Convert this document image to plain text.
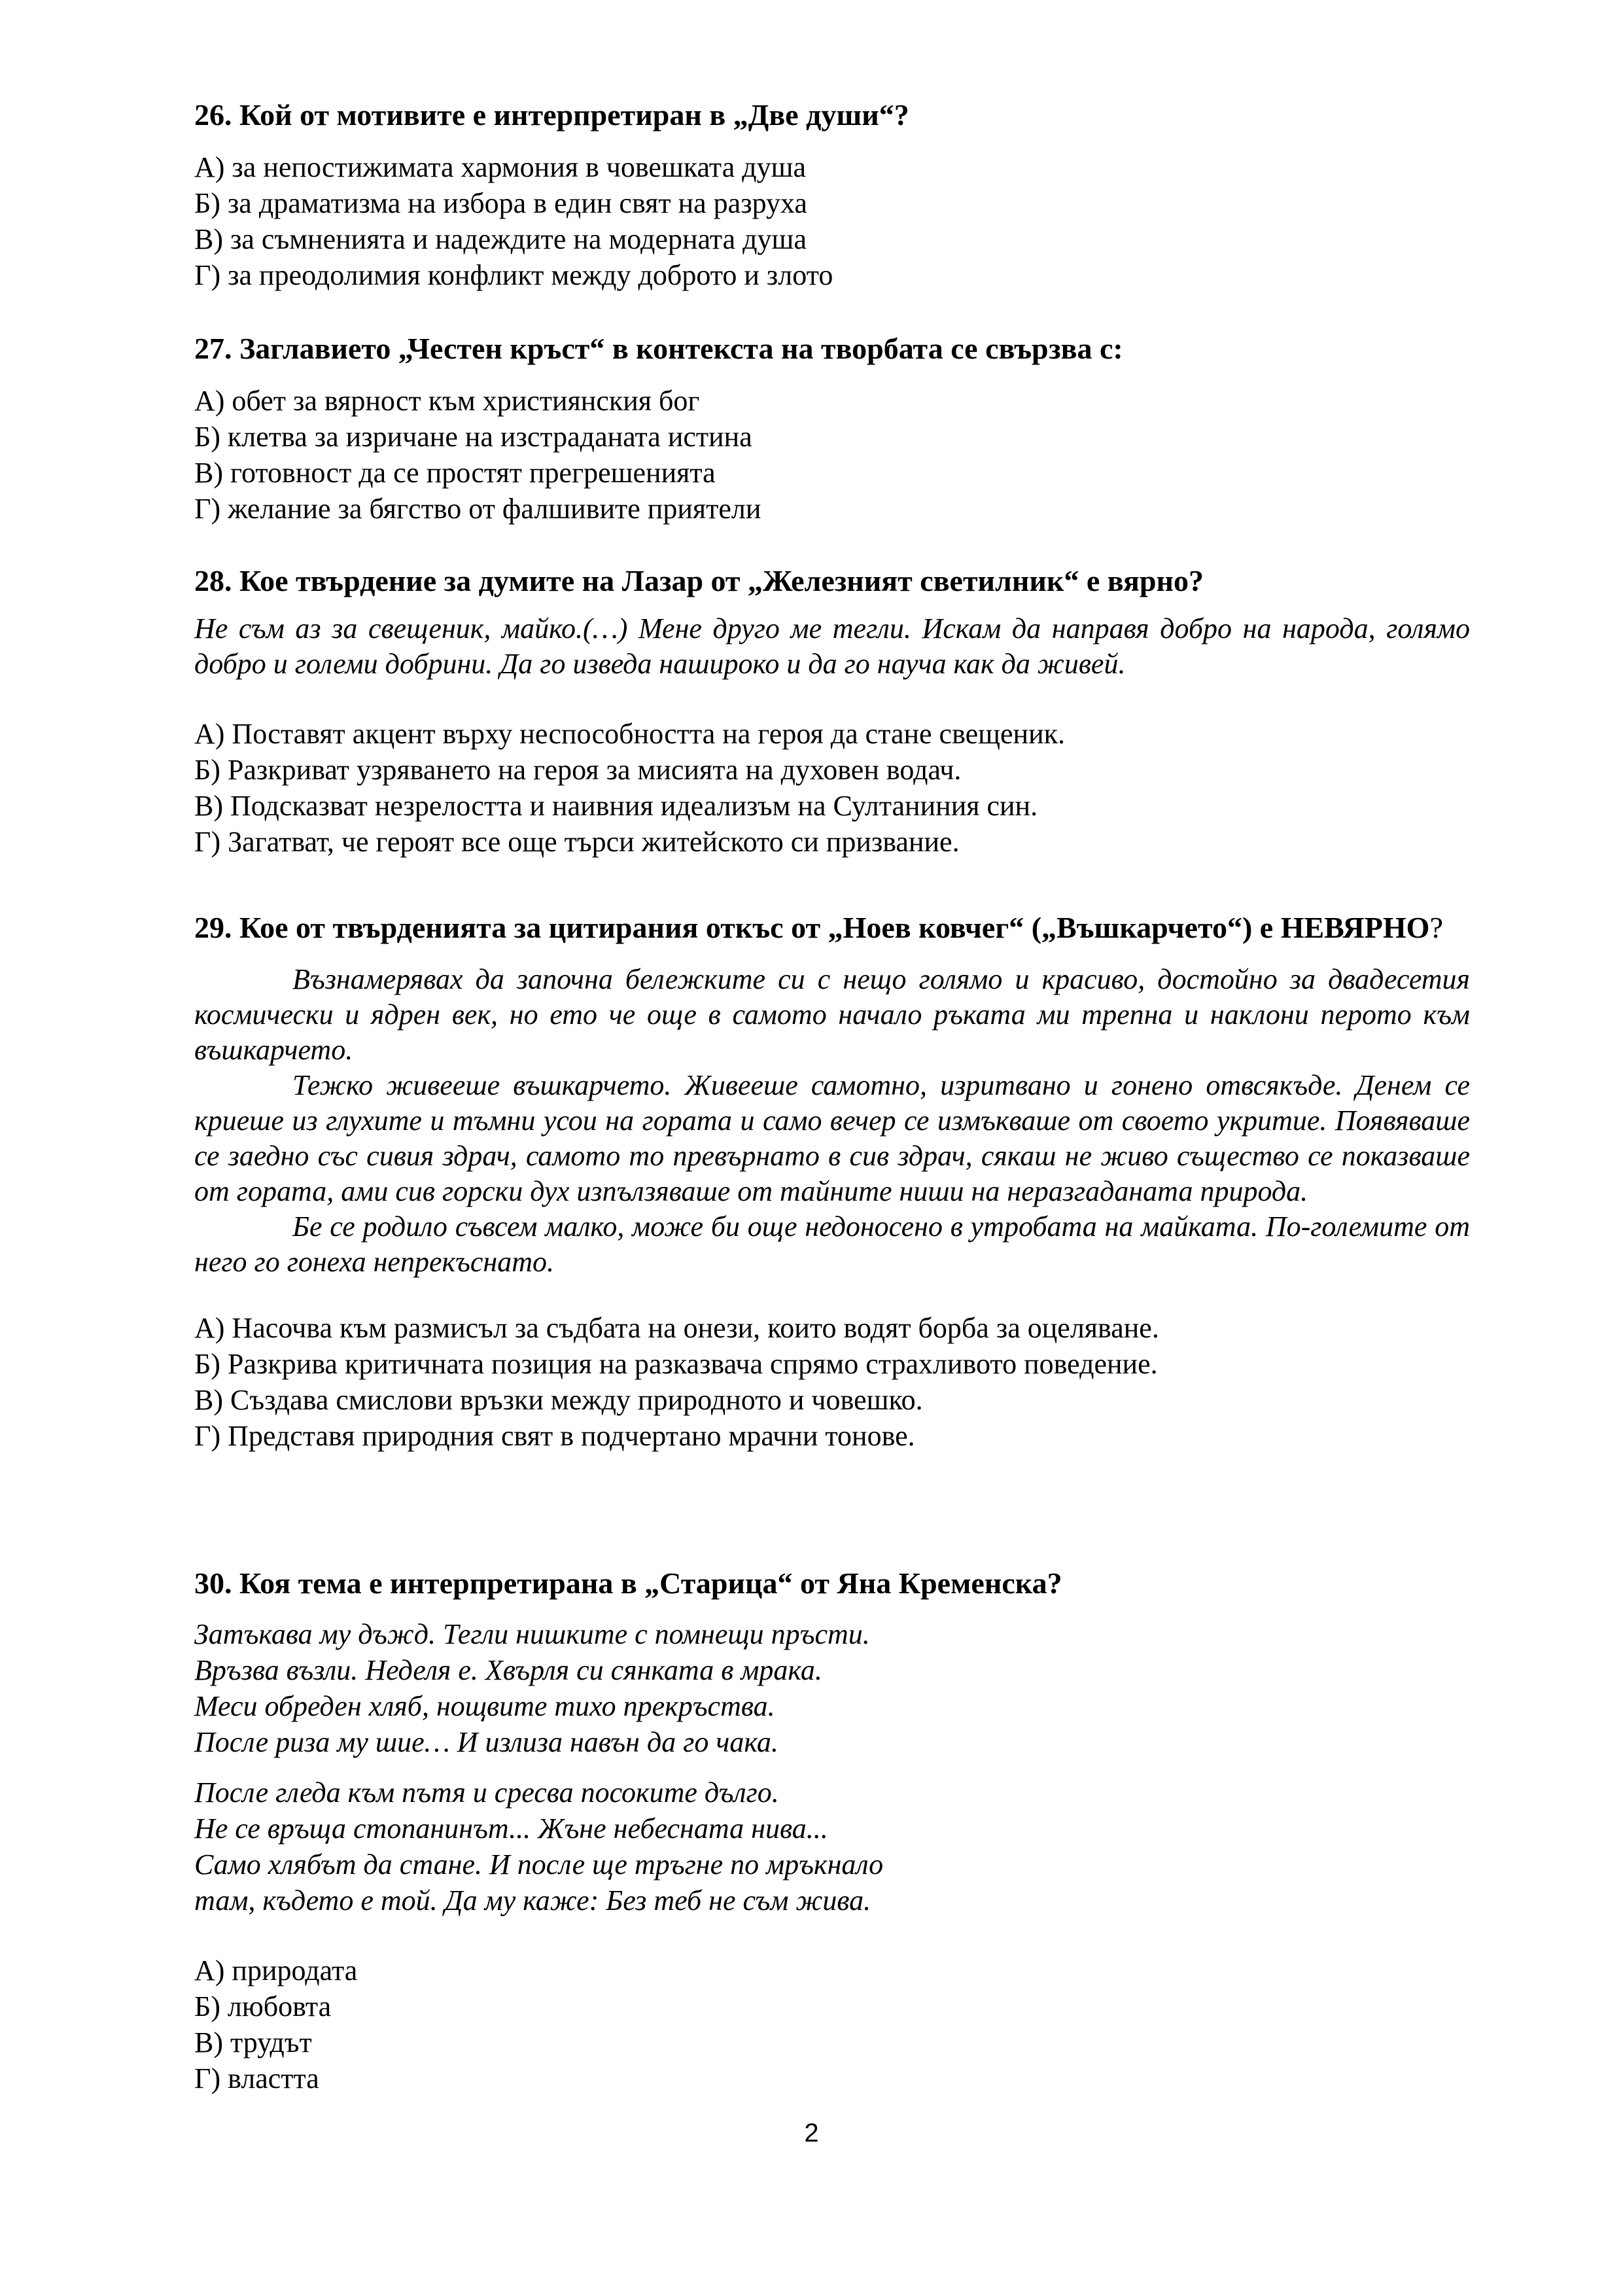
26. Кой от мотивите е интерпретиран в „Две души“?

А) за непостижимата хармония в човешката душа
Б) за драматизма на избора в един свят на разруха
В) за съмненията и надеждите на модерната душа
Г) за преодолимия конфликт между доброто и злото

27. Заглавието „Честен кръст“ в контекста на творбата се свързва с:

А) обет за вярност към християнския бог
Б) клетва за изричане на изстраданата истина
В) готовност да се простят прегрешенията
Г) желание за бягство от фалшивите приятели

28. Кое твърдение за думите на Лазар от „Железният светилник“ е вярно?

Не съм аз за свещеник, майко.(…) Мене друго ме тегли. Искам да направя добро на народа, голямо добро и големи добрини. Да го изведа нашироко и да го науча как да живей.

А) Поставят акцент върху неспособността на героя да стане свещеник.
Б) Разкриват узряването на героя за мисията на духовен водач.
В) Подсказват незрелостта и наивния идеализъм на Султаниния син.
Г) Загатват, че героят все още търси житейското си призвание.

29. Кое от твърденията за цитирания откъс от „Ноев ковчег“ („Въшкарчето“) е НЕВЯРНО?

Възнамерявах да започна бележките си с нещо голямо и красиво, достойно за двадесетия космически и ядрен век, но ето че още в самото начало ръката ми трепна и наклони перото към въшкарчето.

Тежко живееше въшкарчето. Живееше самотно, изритвано и гонено отвсякъде. Денем се криеше из глухите и тъмни усои на гората и само вечер се измъкваше от своето укритие. Появяваше се заедно със сивия здрач, самото то превърнато в сив здрач, сякаш не живо същество се показваше от гората, ами сив горски дух изпълзяваше от тайните ниши на неразгаданата природа.

Бе се родило съвсем малко, може би още недоносено в утробата на майката. По-големите от него го гонеха непрекъснато.

А) Насочва към размисъл за съдбата на онези, които водят борба за оцеляване.
Б) Разкрива критичната позиция на разказвача спрямо страхливото поведение.
В) Създава смислови връзки между природното и човешко.
Г) Представя природния свят в подчертано мрачни тонове.

30. Коя тема е интерпретирана в „Старица“ от Яна Кременска?

Затъкава му дъжд. Тегли нишките с помнещи пръсти.
Връзва възли. Неделя е. Хвърля си сянката в мрака.
Меси обреден хляб, нощвите тихо прекръства.
После риза му шие… И излиза навън да го чака.
После гледа към пътя и сресва посоките дълго.
Не се връща стопанинът... Жъне небесната нива...
Само хлябът да стане. И после ще тръгне по мръкнало
там, където е той. Да му каже: Без теб не съм жива.
А) природата
Б) любовта
В) трудът
Г) властта
2
